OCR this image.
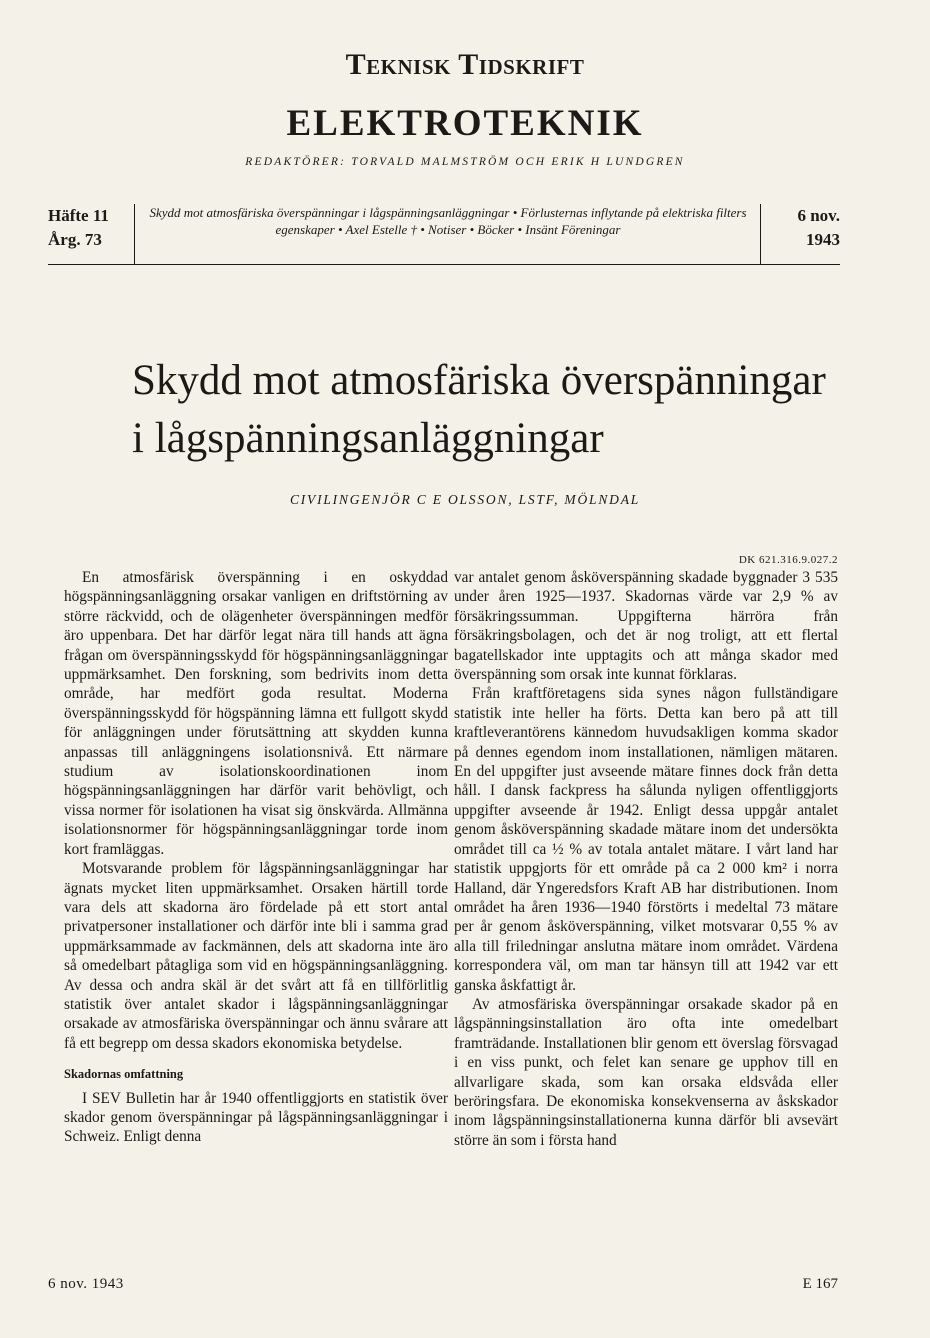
Teknisk Tidskrift
ELEKTROTEKNIK
REDAKTÖRER: TORVALD MALMSTRÖM OCH ERIK H LUNDGREN
Häfte 11
Årg. 73
Skydd mot atmosfäriska överspänningar i lågspänningsanläggningar • Förlusternas inflytande på elektriska filters egenskaper • Axel Estelle † • Notiser • Böcker • Insänt Föreningar
6 nov.
1943
Skydd mot atmosfäriska överspänningar
i lågspänningsanläggningar
CIVILINGENJÖR C E OLSSON, LSTF, MÖLNDAL
DK 621.316.9.027.2

En atmosfärisk överspänning i en oskyddad högspänningsanläggning orsakar vanligen en driftstörning av större räckvidd, och de olägenheter överspänningen medför äro uppenbara. Det har därför legat nära till hands att ägna frågan om överspänningsskydd för högspänningsanläggningar uppmärksamhet. Den forskning, som bedrivits inom detta område, har medfört goda resultat. Moderna överspänningsskydd för högspänning lämna ett fullgott skydd för anläggningen under förutsättning att skydden kunna anpassas till anläggningens isolationsnivå. Ett närmare studium av isolationskoordinationen inom högspänningsanläggningen har därför varit behövligt, och vissa normer för isolationen ha visat sig önskvärda. Allmänna isolationsnormer för högspänningsanläggningar torde inom kort framläggas.

Motsvarande problem för lågspänningsanläggningar har ägnats mycket liten uppmärksamhet. Orsaken härtill torde vara dels att skadorna äro fördelade på ett stort antal privatpersoner installationer och därför inte bli i samma grad uppmärksammade av fackmännen, dels att skadorna inte äro så omedelbart påtagliga som vid en högspänningsanläggning. Av dessa och andra skäl är det svårt att få en tillförlitlig statistik över antalet skador i lågspänningsanläggningar orsakade av atmosfäriska överspänningar och ännu svårare att få ett begrepp om dessa skadors ekonomiska betydelse.

Skadornas omfattning

I SEV Bulletin har år 1940 offentliggjorts en statistik över skador genom överspänningar på lågspänningsanläggningar i Schweiz. Enligt denna

var antalet genom åsköverspänning skadade byggnader 3 535 under åren 1925—1937. Skadornas värde var 2,9 % av försäkringssumman. Uppgifterna härröra från försäkringsbolagen, och det är nog troligt, att ett flertal bagatellskador inte upptagits och att många skador med överspänning som orsak inte kunnat förklaras.

Från kraftföretagens sida synes någon fullständigare statistik inte heller ha förts. Detta kan bero på att till kraftleverantörens kännedom huvudsakligen komma skador på dennes egendom inom installationen, nämligen mätaren. En del uppgifter just avseende mätare finnes dock från detta håll. I dansk fackpress ha sålunda nyligen offentliggjorts uppgifter avseende år 1942. Enligt dessa uppgår antalet genom åsköverspänning skadade mätare inom det undersökta området till ca ½ % av totala antalet mätare. I vårt land har statistik uppgjorts för ett område på ca 2 000 km² i norra Halland, där Yngeredsfors Kraft AB har distributionen. Inom området ha åren 1936—1940 förstörts i medeltal 73 mätare per år genom åsköverspänning, vilket motsvarar 0,55 % av alla till friledningar anslutna mätare inom området. Värdena korrespondera väl, om man tar hänsyn till att 1942 var ett ganska åskfattigt år.

Av atmosfäriska överspänningar orsakade skador på en lågspänningsinstallation äro ofta inte omedelbart framträdande. Installationen blir genom ett överslag försvagad i en viss punkt, och felet kan senare ge upphov till en allvarligare skada, som kan orsaka eldsvåda eller beröringsfara. De ekonomiska konsekvenserna av åskskador inom lågspänningsinstallationerna kunna därför bli avsevärt större än som i första hand

6 nov. 1943	E 167
